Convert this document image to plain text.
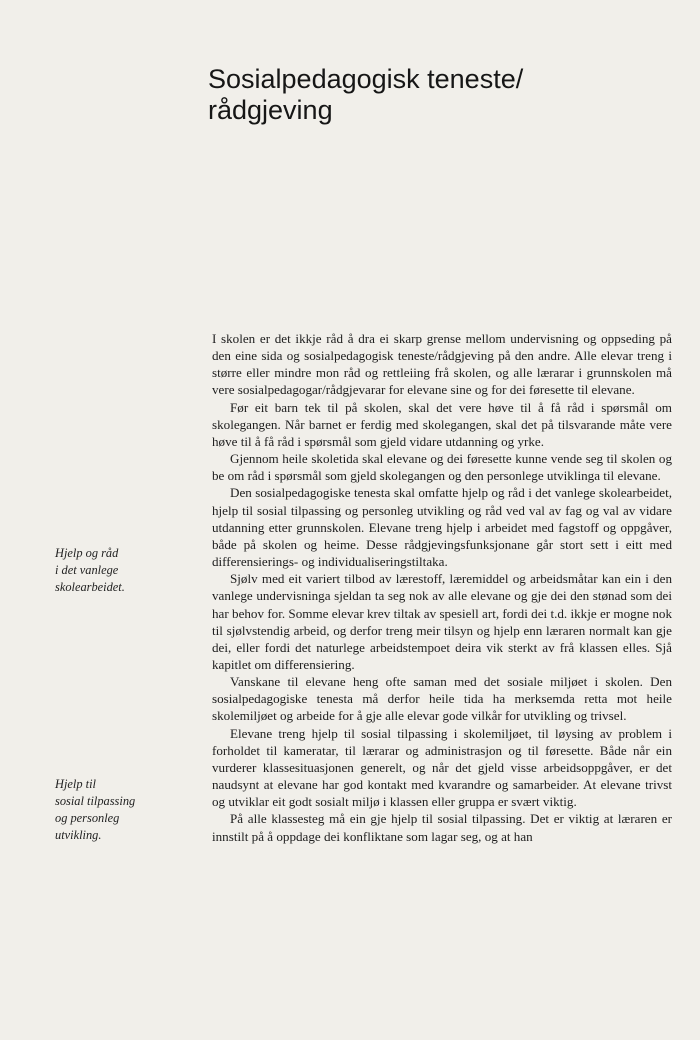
Sosialpedagogisk teneste/ rådgjeving
Hjelp og råd
i det vanlege
skolearbeidet.
Hjelp til
sosial tilpassing
og personleg
utvikling.

I skolen er det ikkje råd å dra ei skarp grense mellom undervisning og oppseding på den eine sida og sosialpedagogisk teneste/rådgjeving på den andre. Alle elevar treng i større eller mindre mon råd og rettleiing frå skolen, og alle lærarar i grunnskolen må vere sosialpedagogar/rådgjevarar for elevane sine og for dei føresette til elevane.

Før eit barn tek til på skolen, skal det vere høve til å få råd i spørsmål om skolegangen. Når barnet er ferdig med skolegangen, skal det på tilsvarande måte vere høve til å få råd i spørsmål som gjeld vidare utdanning og yrke.

Gjennom heile skoletida skal elevane og dei føresette kunne vende seg til skolen og be om råd i spørsmål som gjeld skolegangen og den personlege utviklinga til elevane.

Den sosialpedagogiske tenesta skal omfatte hjelp og råd i det vanlege skolearbeidet, hjelp til sosial tilpassing og personleg utvikling og råd ved val av fag og val av vidare utdanning etter grunnskolen. Elevane treng hjelp i arbeidet med fagstoff og oppgåver, både på skolen og heime. Desse rådgjevingsfunksjonane går stort sett i eitt med differensierings- og individualiseringstiltaka.

Sjølv med eit variert tilbod av lærestoff, læremiddel og arbeidsmåtar kan ein i den vanlege undervisninga sjeldan ta seg nok av alle elevane og gje dei den stønad som dei har behov for. Somme elevar krev tiltak av spesiell art, fordi dei t.d. ikkje er mogne nok til sjølvstendig arbeid, og derfor treng meir tilsyn og hjelp enn læraren normalt kan gje dei, eller fordi det naturlege arbeidstempoet deira vik sterkt av frå klassen elles. Sjå kapitlet om differensiering.

Vanskane til elevane heng ofte saman med det sosiale miljøet i skolen. Den sosialpedagogiske tenesta må derfor heile tida ha merksemda retta mot heile skolemiljøet og arbeide for å gje alle elevar gode vilkår for utvikling og trivsel.

Elevane treng hjelp til sosial tilpassing i skolemiljøet, til løysing av problem i forholdet til kameratar, til lærarar og administrasjon og til føresette. Både når ein vurderer klassesituasjonen generelt, og når det gjeld visse arbeidsoppgåver, er det naudsynt at elevane har god kontakt med kvarandre og samarbeider. At elevane trivst og utviklar eit godt sosialt miljø i klassen eller gruppa er svært viktig.

På alle klassesteg må ein gje hjelp til sosial tilpassing. Det er viktig at læraren er innstilt på å oppdage dei konfliktane som lagar seg, og at han
